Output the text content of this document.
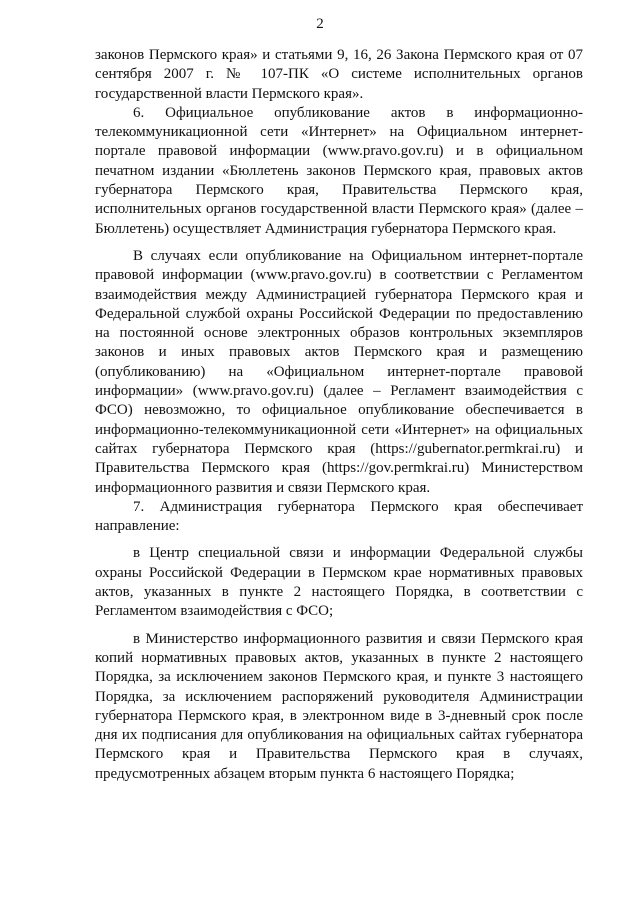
2

законов Пермского края» и статьями 9, 16, 26 Закона Пермского края от 07 сентября 2007 г. № 107-ПК «О системе исполнительных органов государственной власти Пермского края».

6. Официальное опубликование актов в информационно-телекоммуникационной сети «Интернет» на Официальном интернет-портале правовой информации (www.pravo.gov.ru) и в официальном печатном издании «Бюллетень законов Пермского края, правовых актов губернатора Пермского края, Правительства Пермского края, исполнительных органов государственной власти Пермского края» (далее – Бюллетень) осуществляет Администрация губернатора Пермского края.

В случаях если опубликование на Официальном интернет-портале правовой информации (www.pravo.gov.ru) в соответствии с Регламентом взаимодействия между Администрацией губернатора Пермского края и Федеральной службой охраны Российской Федерации по предоставлению на постоянной основе электронных образов контрольных экземпляров законов и иных правовых актов Пермского края и размещению (опубликованию) на «Официальном интернет-портале правовой информации» (www.pravo.gov.ru) (далее – Регламент взаимодействия с ФСО) невозможно, то официальное опубликование обеспечивается в информационно-телекоммуникационной сети «Интернет» на официальных сайтах губернатора Пермского края (https://gubernator.permkrai.ru) и Правительства Пермского края (https://gov.permkrai.ru) Министерством информационного развития и связи Пермского края.

7. Администрация губернатора Пермского края обеспечивает направление:

в Центр специальной связи и информации Федеральной службы охраны Российской Федерации в Пермском крае нормативных правовых актов, указанных в пункте 2 настоящего Порядка, в соответствии с Регламентом взаимодействия с ФСО;

в Министерство информационного развития и связи Пермского края копий нормативных правовых актов, указанных в пункте 2 настоящего Порядка, за исключением законов Пермского края, и пункте 3 настоящего Порядка, за исключением распоряжений руководителя Администрации губернатора Пермского края, в электронном виде в 3-дневный срок после дня их подписания для опубликования на официальных сайтах губернатора Пермского края и Правительства Пермского края в случаях, предусмотренных абзацем вторым пункта 6 настоящего Порядка;
